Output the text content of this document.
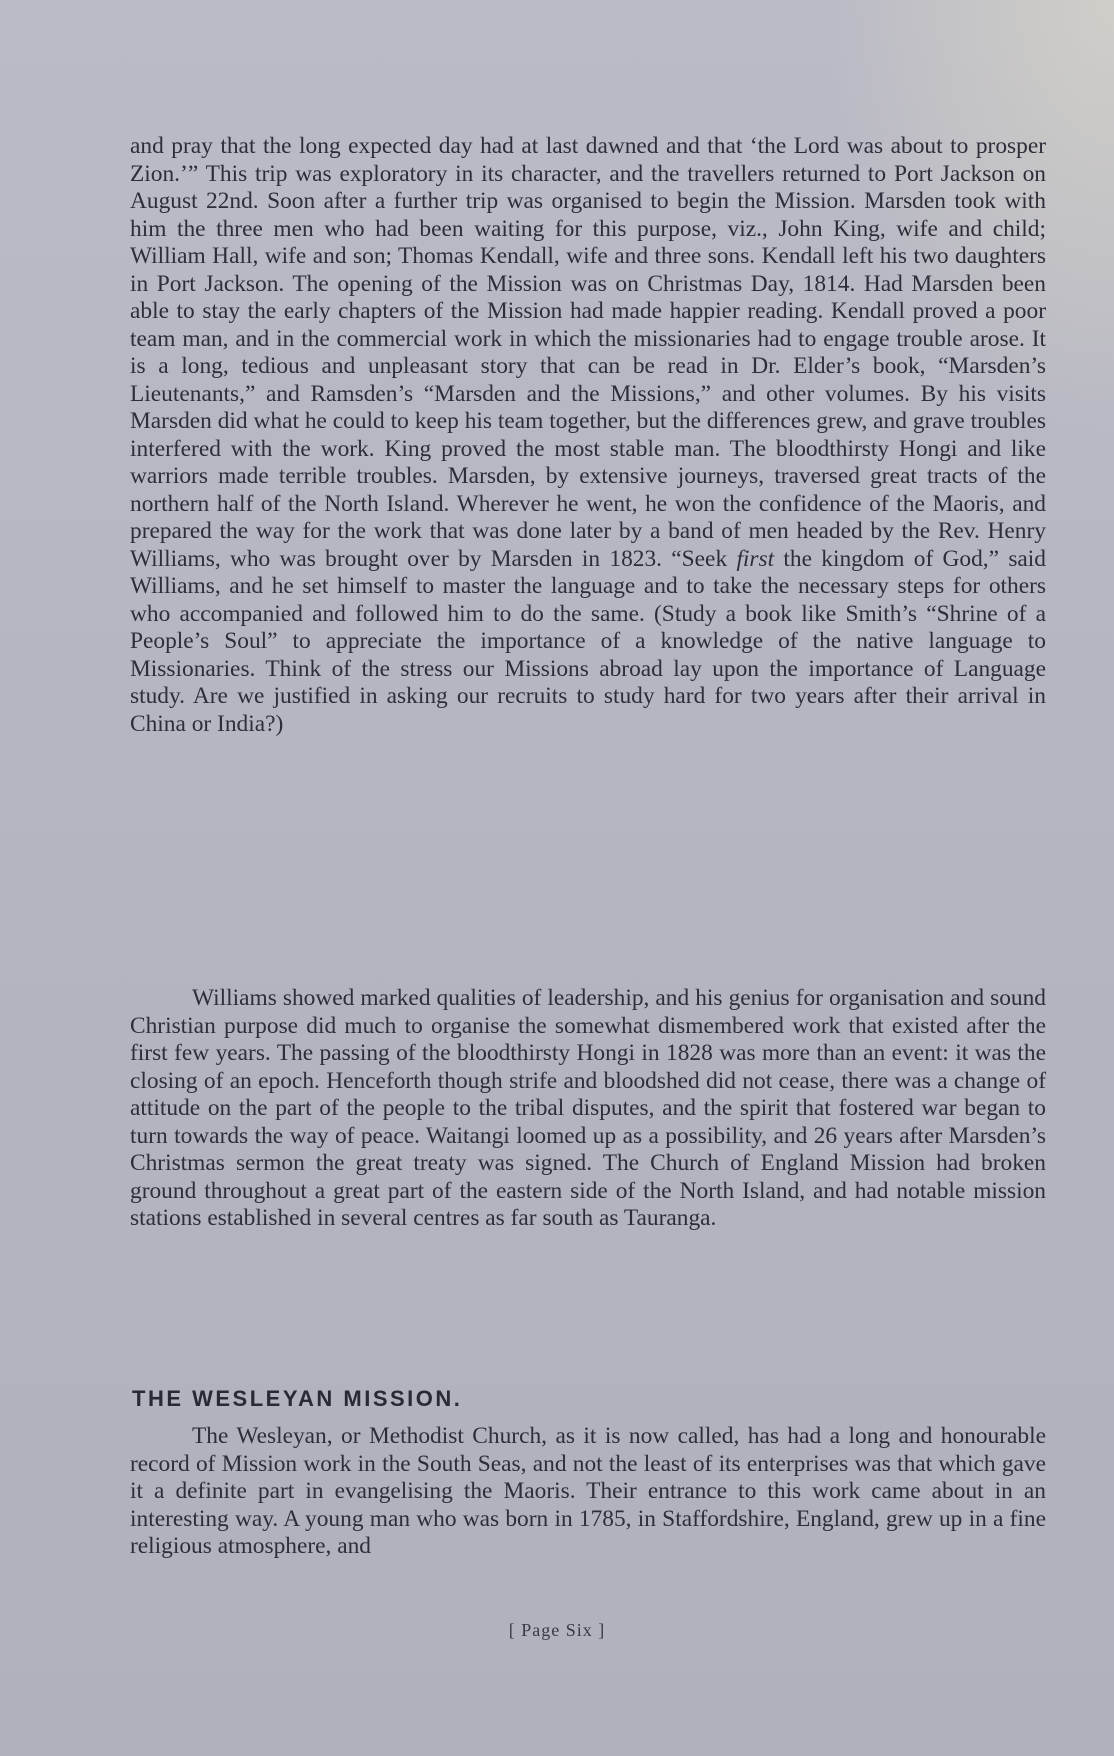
and pray that the long expected day had at last dawned and that ‘the Lord was about to prosper Zion.’” This trip was exploratory in its character, and the travellers returned to Port Jackson on August 22nd. Soon after a further trip was organised to begin the Mission. Marsden took with him the three men who had been waiting for this purpose, viz., John King, wife and child; William Hall, wife and son; Thomas Kendall, wife and three sons. Kendall left his two daughters in Port Jackson. The opening of the Mission was on Christmas Day, 1814. Had Marsden been able to stay the early chapters of the Mission had made happier reading. Kendall proved a poor team man, and in the commercial work in which the missionaries had to engage trouble arose. It is a long, tedious and unpleasant story that can be read in Dr. Elder’s book, “Marsden’s Lieutenants,” and Ramsden’s “Marsden and the Missions,” and other volumes. By his visits Marsden did what he could to keep his team together, but the differences grew, and grave troubles interfered with the work. King proved the most stable man. The bloodthirsty Hongi and like warriors made terrible troubles. Marsden, by extensive journeys, traversed great tracts of the northern half of the North Island. Wherever he went, he won the confidence of the Maoris, and prepared the way for the work that was done later by a band of men headed by the Rev. Henry Williams, who was brought over by Marsden in 1823. “Seek first the kingdom of God,” said Williams, and he set himself to master the language and to take the necessary steps for others who accompanied and followed him to do the same. (Study a book like Smith’s “Shrine of a People’s Soul” to appreciate the importance of a knowledge of the native language to Missionaries. Think of the stress our Missions abroad lay upon the importance of Language study. Are we justified in asking our recruits to study hard for two years after their arrival in China or India?)
Williams showed marked qualities of leadership, and his genius for organisation and sound Christian purpose did much to organise the somewhat dismembered work that existed after the first few years. The passing of the bloodthirsty Hongi in 1828 was more than an event: it was the closing of an epoch. Henceforth though strife and bloodshed did not cease, there was a change of attitude on the part of the people to the tribal disputes, and the spirit that fostered war began to turn towards the way of peace. Waitangi loomed up as a possibility, and 26 years after Marsden’s Christmas sermon the great treaty was signed. The Church of England Mission had broken ground throughout a great part of the eastern side of the North Island, and had notable mission stations established in several centres as far south as Tauranga.
THE WESLEYAN MISSION.
The Wesleyan, or Methodist Church, as it is now called, has had a long and honourable record of Mission work in the South Seas, and not the least of its enterprises was that which gave it a definite part in evangelising the Maoris. Their entrance to this work came about in an interesting way. A young man who was born in 1785, in Staffordshire, England, grew up in a fine religious atmosphere, and
[ Page Six ]
